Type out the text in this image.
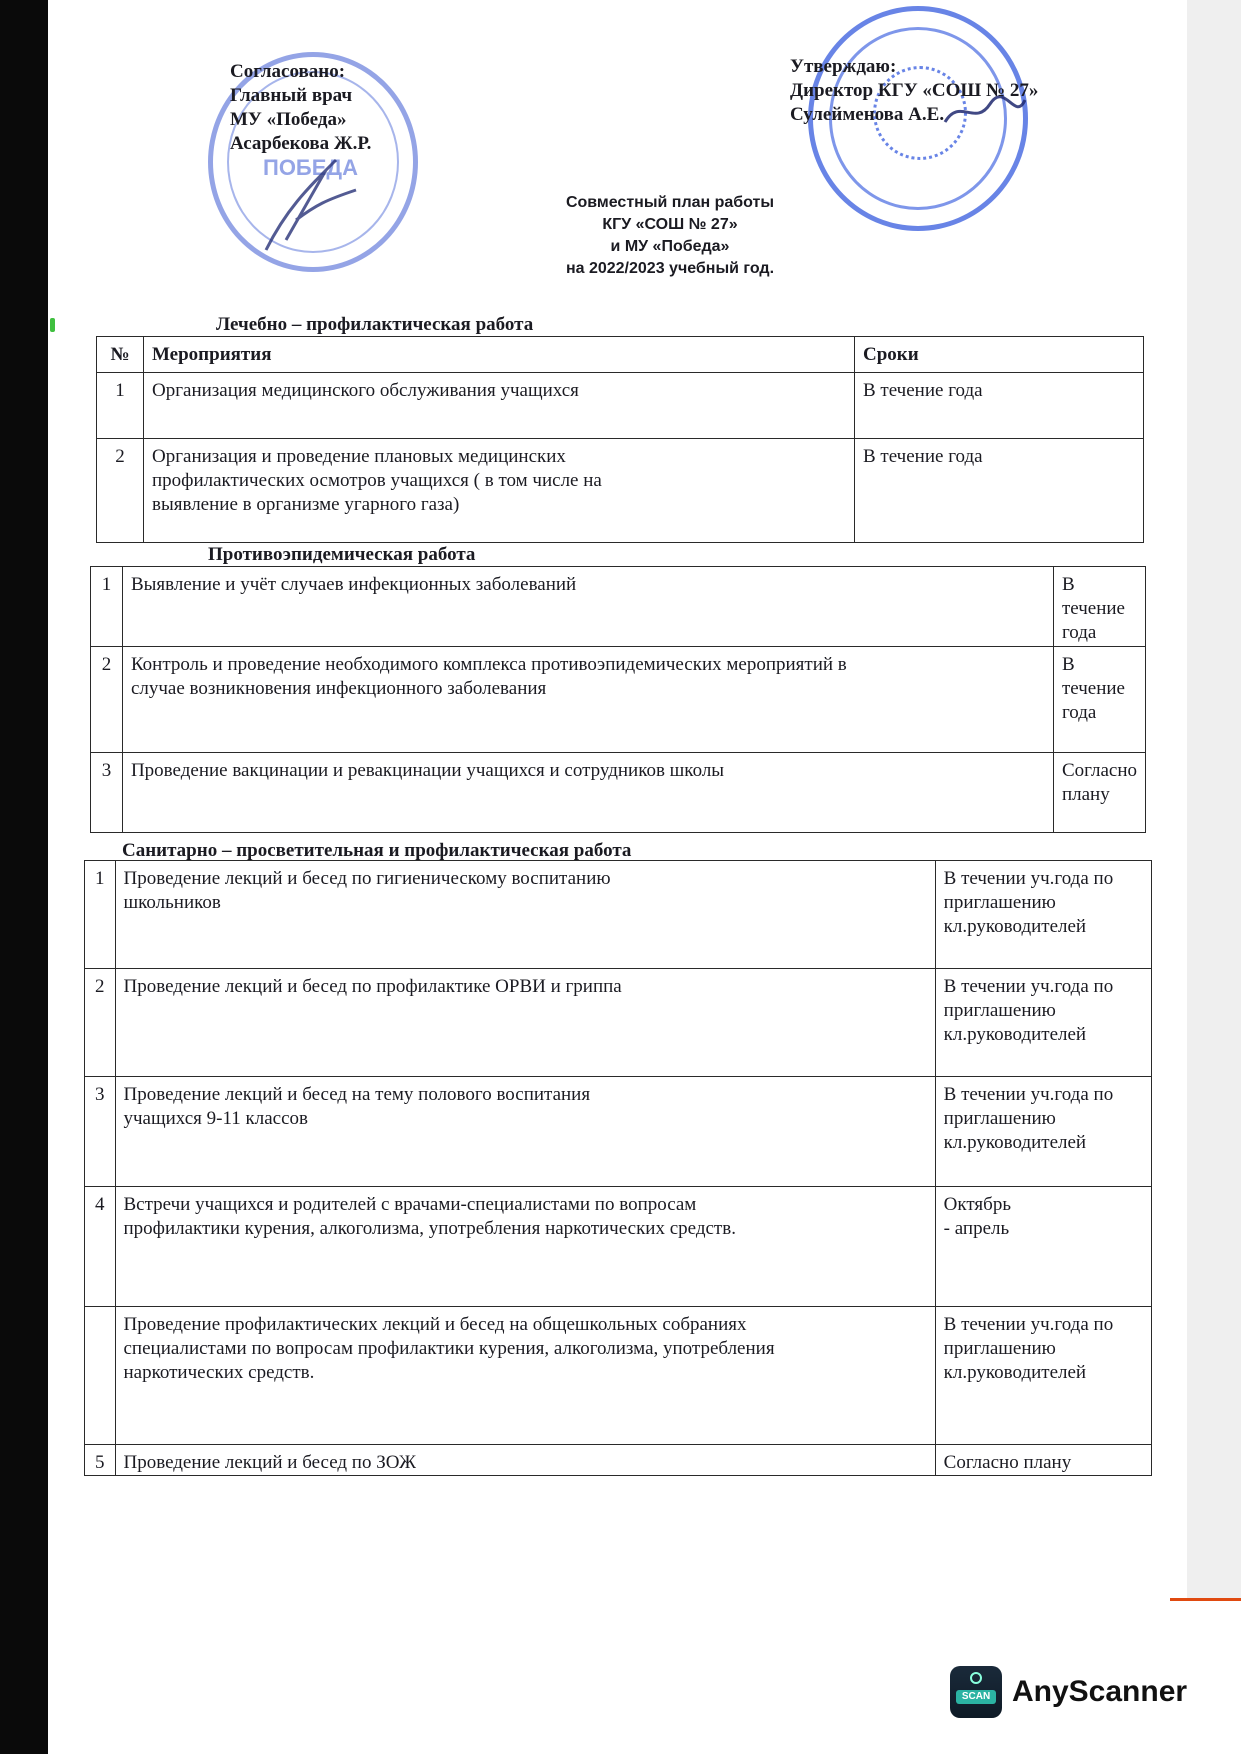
ПОБЕДА
Согласовано:
Главный врач
МУ «Победа»
Асарбекова Ж.Р.
Утверждаю:
Директор КГУ «СОШ № 27»
Сулейменова А.Е.
Совместный план работы
КГУ «СОШ № 27»
и МУ «Победа»
на 2022/2023 учебный год.
Лечебно – профилактическая работа
№	Мероприятия	Сроки
1	Организация медицинского обслуживания учащихся	В течение года
2	Организация и проведение плановых медицинских профилактических осмотров учащихся ( в том числе на выявление в организме угарного газа)	В течение года
Противоэпидемическая работа
1	Выявление и учёт случаев инфекционных заболеваний	В течение года
2	Контроль и проведение необходимого комплекса противоэпидемических мероприятий в случае возникновения инфекционного заболевания	В течение года
3	Проведение вакцинации и ревакцинации учащихся и сотрудников школы	Согласно плану
Санитарно – просветительная и профилактическая работа
1	Проведение лекций и бесед по гигиеническому воспитанию школьников	В течении уч.года по приглашению кл.руководителей
2	Проведение лекций и бесед по профилактике ОРВИ и гриппа	В течении уч.года по приглашению кл.руководителей
3	Проведение лекций и бесед на тему полового воспитания учащихся 9-11 классов	В течении уч.года по приглашению кл.руководителей
4	Встречи учащихся и родителей с врачами-специалистами по вопросам профилактики курения, алкоголизма, употребления наркотических средств.	Октябрь - апрель
	Проведение профилактических лекций и бесед на общешкольных собраниях специалистами по вопросам профилактики курения, алкоголизма, употребления наркотических средств.	В течении уч.года по приглашению кл.руководителей
5	Проведение лекций и бесед по ЗОЖ	Согласно плану
SCAN AnyScanner
